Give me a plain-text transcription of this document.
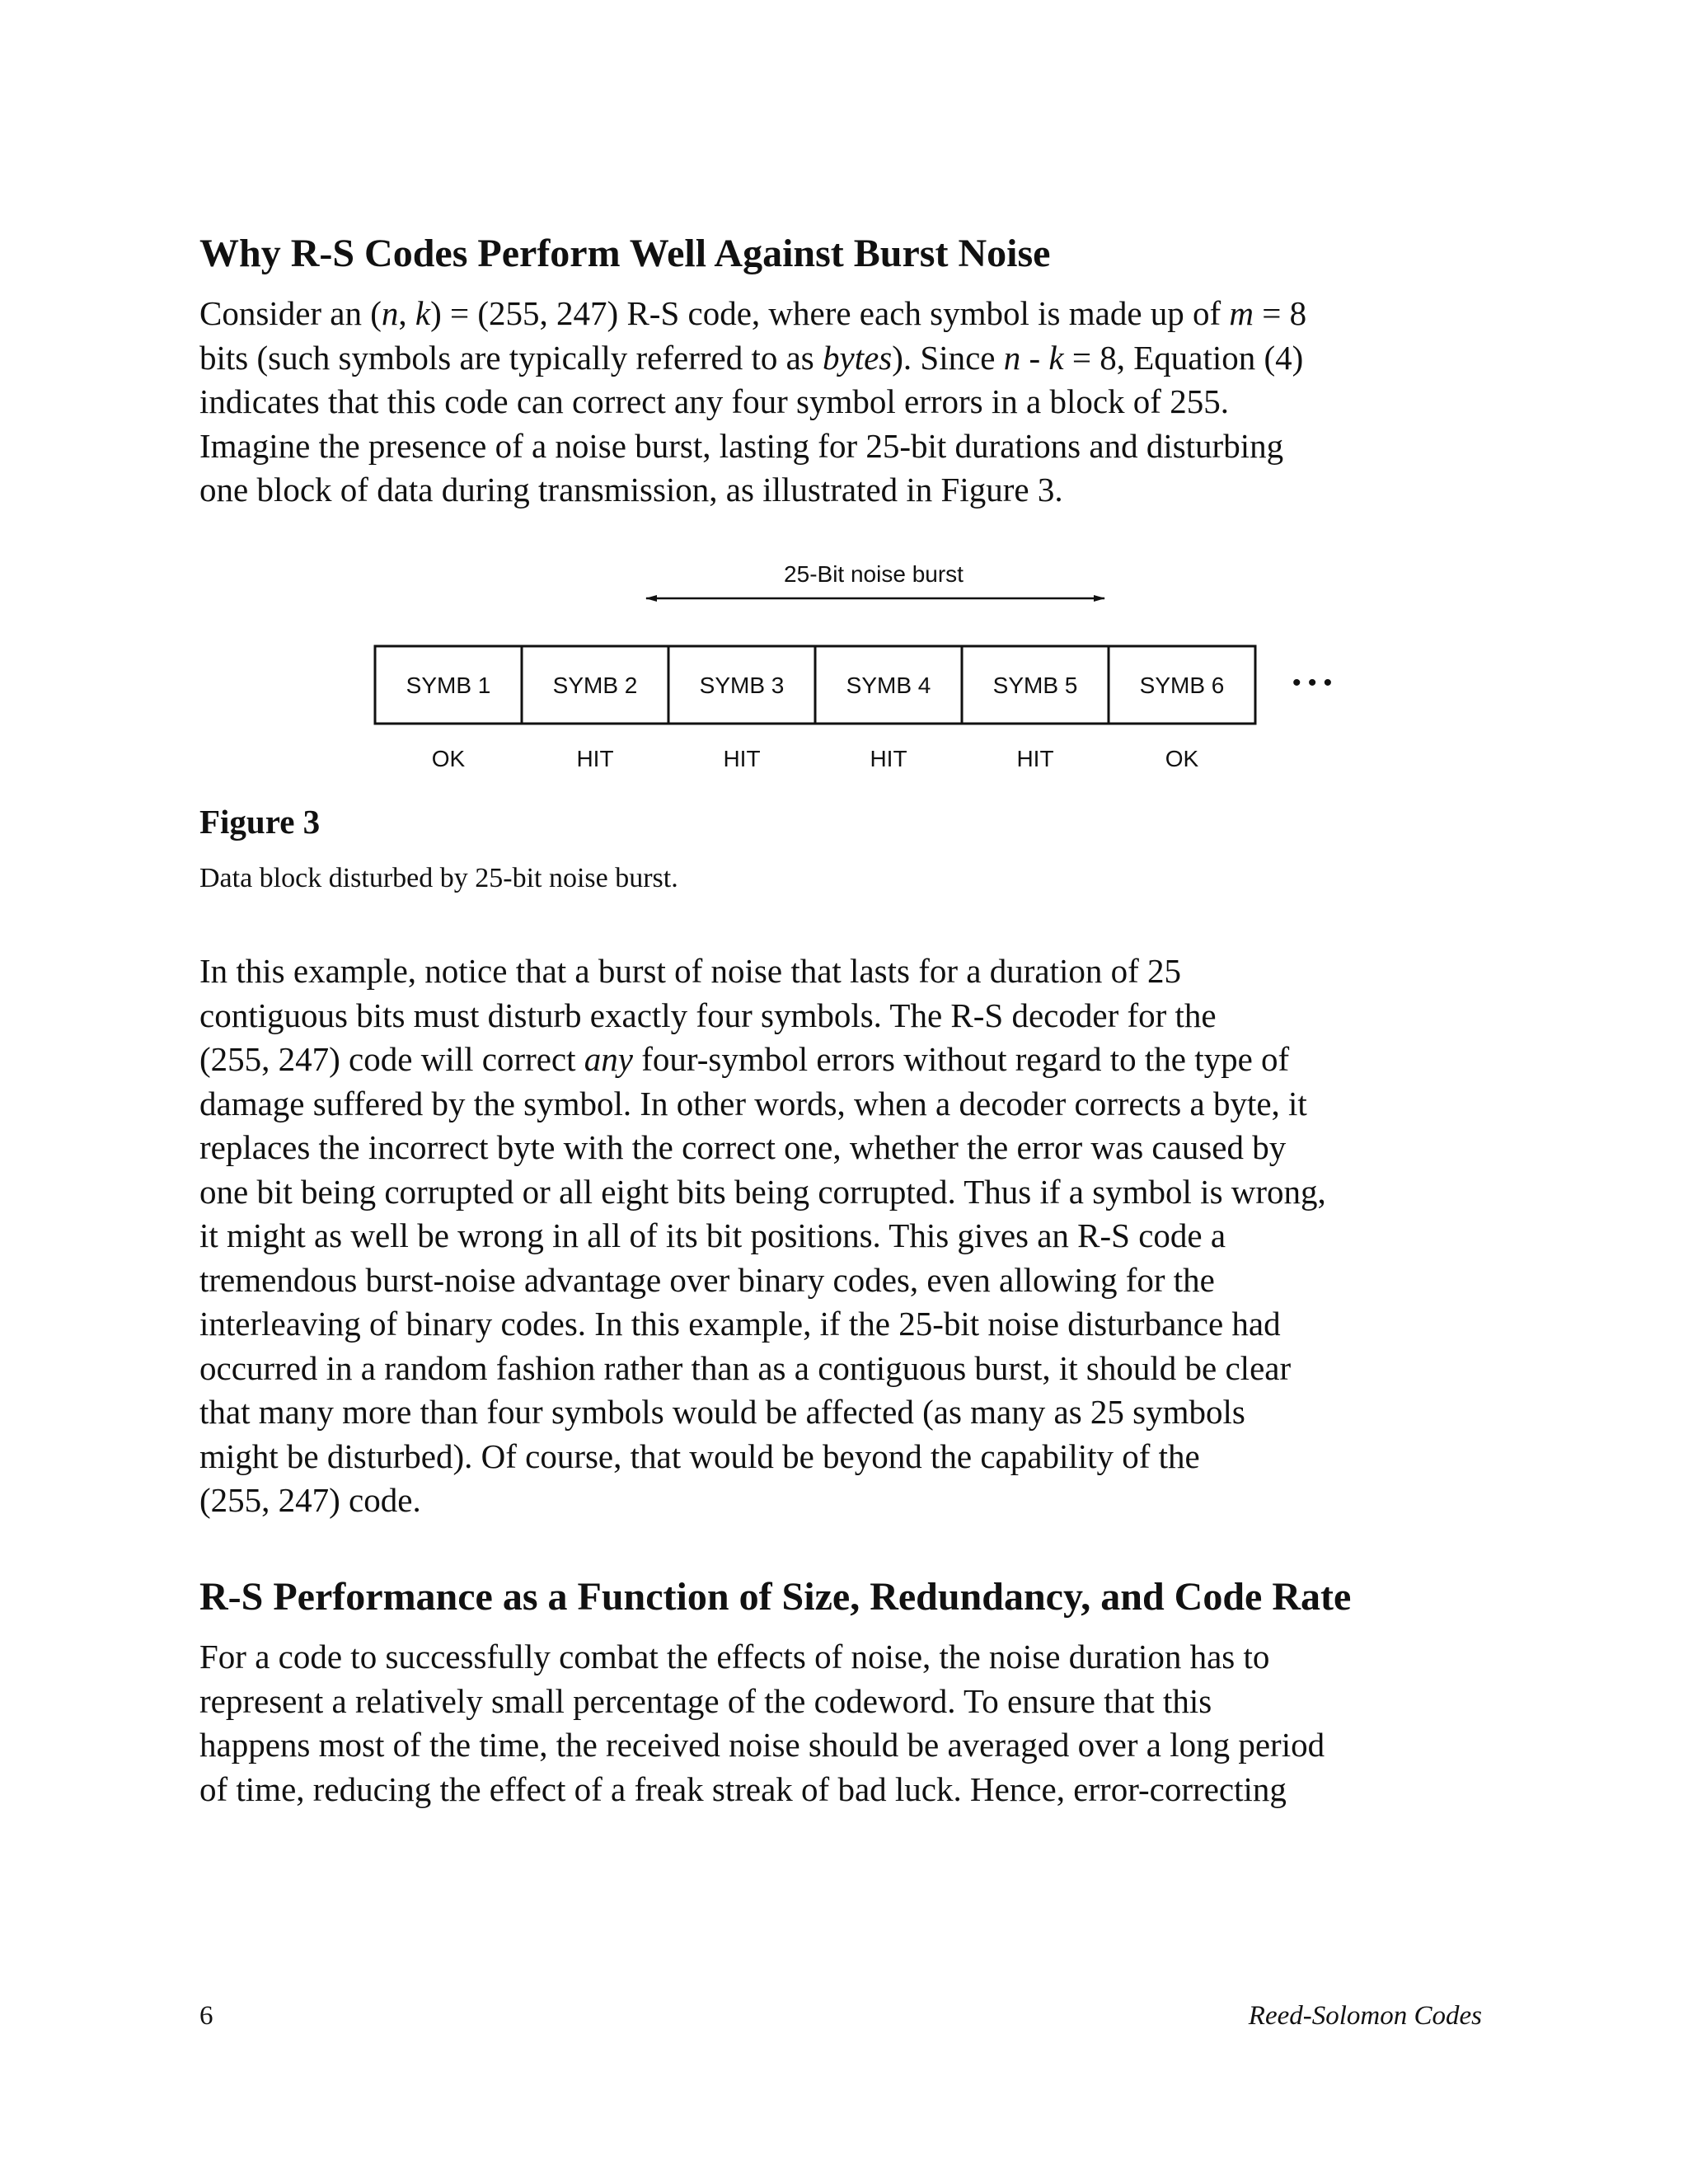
Why R-S Codes Perform Well Against Burst Noise

Consider an (n, k) = (255, 247) R-S code, where each symbol is made up of m = 8
bits (such symbols are typically referred to as bytes). Since n - k = 8, Equation (4)
indicates that this code can correct any four symbol errors in a block of 255.
Imagine the presence of a noise burst, lasting for 25-bit durations and disturbing
one block of data during transmission, as illustrated in Figure 3.

25-Bit noise burst
SYMB 1
OK
SYMB 2
HIT
SYMB 3
HIT
SYMB 4
HIT
SYMB 5
HIT
SYMB 6
OK
• • •
Figure 3
Data block disturbed by 25-bit noise burst.

In this example, notice that a burst of noise that lasts for a duration of 25
contiguous bits must disturb exactly four symbols. The R-S decoder for the
(255, 247) code will correct any four-symbol errors without regard to the type of
damage suffered by the symbol. In other words, when a decoder corrects a byte, it
replaces the incorrect byte with the correct one, whether the error was caused by
one bit being corrupted or all eight bits being corrupted. Thus if a symbol is wrong,
it might as well be wrong in all of its bit positions. This gives an R-S code a
tremendous burst-noise advantage over binary codes, even allowing for the
interleaving of binary codes. In this example, if the 25-bit noise disturbance had
occurred in a random fashion rather than as a contiguous burst, it should be clear
that many more than four symbols would be affected (as many as 25 symbols
might be disturbed). Of course, that would be beyond the capability of the
(255, 247) code.

R-S Performance as a Function of Size, Redundancy, and Code Rate

For a code to successfully combat the effects of noise, the noise duration has to
represent a relatively small percentage of the codeword. To ensure that this
happens most of the time, the received noise should be averaged over a long period
of time, reducing the effect of a freak streak of bad luck. Hence, error-correcting

6	Reed-Solomon Codes
